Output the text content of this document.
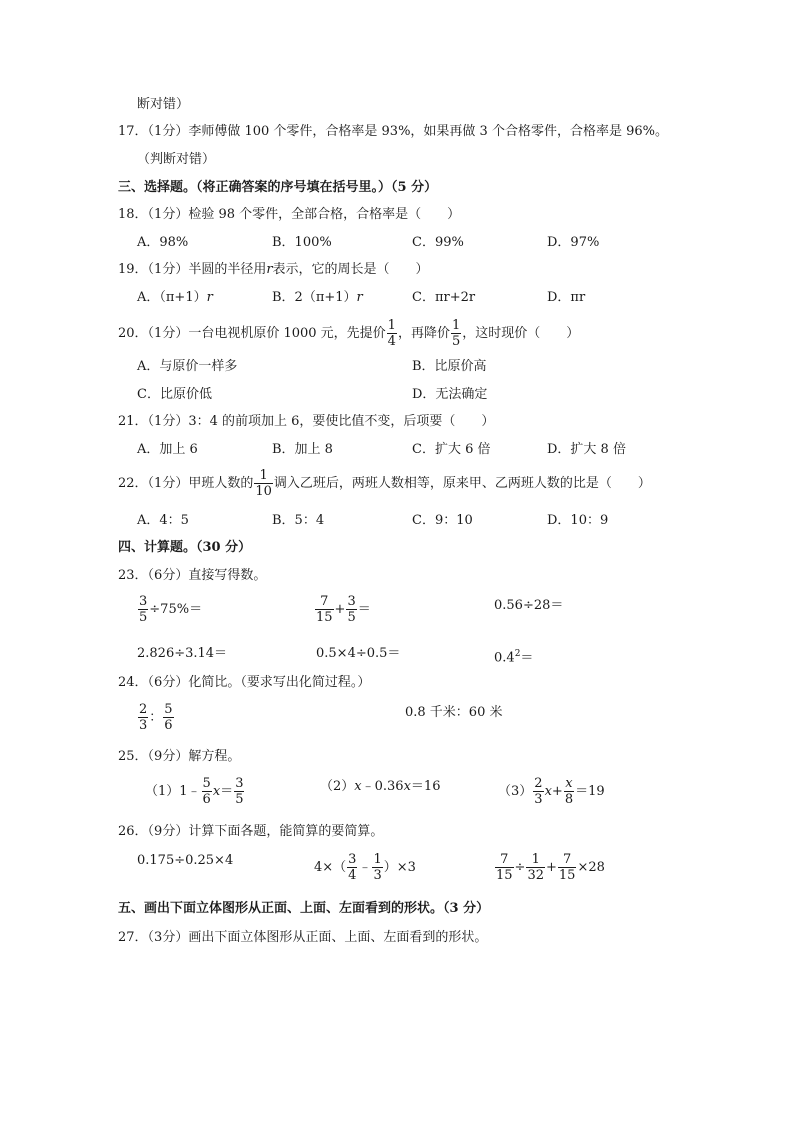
断对错）
17．（1分）李师傅做 100 个零件，合格率是 93%，如果再做 3 个合格零件，合格率是 96%。
（判断对错）
三、选择题。（将正确答案的序号填在括号里。）（5 分）
18．（1分）检验 98 个零件，全部合格，合格率是（　　）
A．98%	B．100%	C．99%	D．97%
19．（1分）半圆的半径用r表示，它的周长是（　　）
A．（π+1）r	B．2（π+1）r	C．πr+2r	D．πr
20．（1分）一台电视机原价 1000 元，先提价 $\frac{1}{4}$ ，再降价 $\frac{1}{5}$ ，这时现价（　　）
A．与原价一样多	B．比原价高
C．比原价低	D．无法确定
21．（1分）3：4 的前项加上 6，要使比值不变，后项要（　　）
A．加上 6	B．加上 8	C．扩大 6 倍	D．扩大 8 倍
22．（1分）甲班人数的 $\frac{1}{10}$ 调入乙班后，两班人数相等，原来甲、乙两班人数的比是（　　）
A．4：5	B．5：4	C．9：10	D．10：9
四、计算题。（30 分）
23．（6分）直接写得数。
$\frac{3}{5} \div 75\%=$	$\frac{7}{15} + \frac{3}{5}$ ＝	0.56÷28＝
2.826÷3.14＝	0.5×4÷0.5＝	$0.4^2=$
24．（6分）化简比。（要求写出化简过程。）
$\frac{2}{3}$ ： $\frac{5}{6}$	0.8 千米：60 米
25．（9分）解方程。
（1）1﹣ $\frac{5}{6} x= \frac{3}{5}$	（2）x﹣0.36x＝16	$(3) \frac{2}{3} x+ \frac{x}{8} =19$
26．（9分）计算下面各题，能简算的要简算。
0.175÷0.25×4	$4\times( \frac{3}{4}$ ﹣ $\frac{1}{3} )\times 3$	$\frac{7}{15} \div \frac{1}{32} + \frac{7}{15} \times 28$
五、画出下面立体图形从正面、上面、左面看到的形状。（3 分）
27．（3分）画出下面立体图形从正面、上面、左面看到的形状。
